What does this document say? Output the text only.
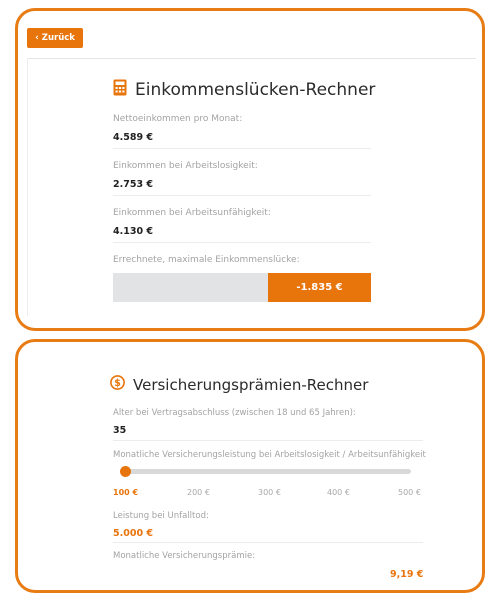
‹ Zurück
Einkommenslücken-Rechner
Nettoeinkommen pro Monat:
4.589 €
Einkommen bei Arbeitslosigkeit:
2.753 €
Einkommen bei Arbeitsunfähigkeit:
4.130 €
Errechnete, maximale Einkommenslücke:
-1.835 €
$ Versicherungsprämien-Rechner
Alter bei Vertragsabschluss (zwischen 18 und 65 Jahren):
35
Monatliche Versicherungsleistung bei Arbeitslosigkeit / Arbeitsunfähigkeit
100 €	200 €	300 €	400 €	500 €
Leistung bei Unfalltod:
5.000 €
Monatliche Versicherungsprämie:
9,19 €
